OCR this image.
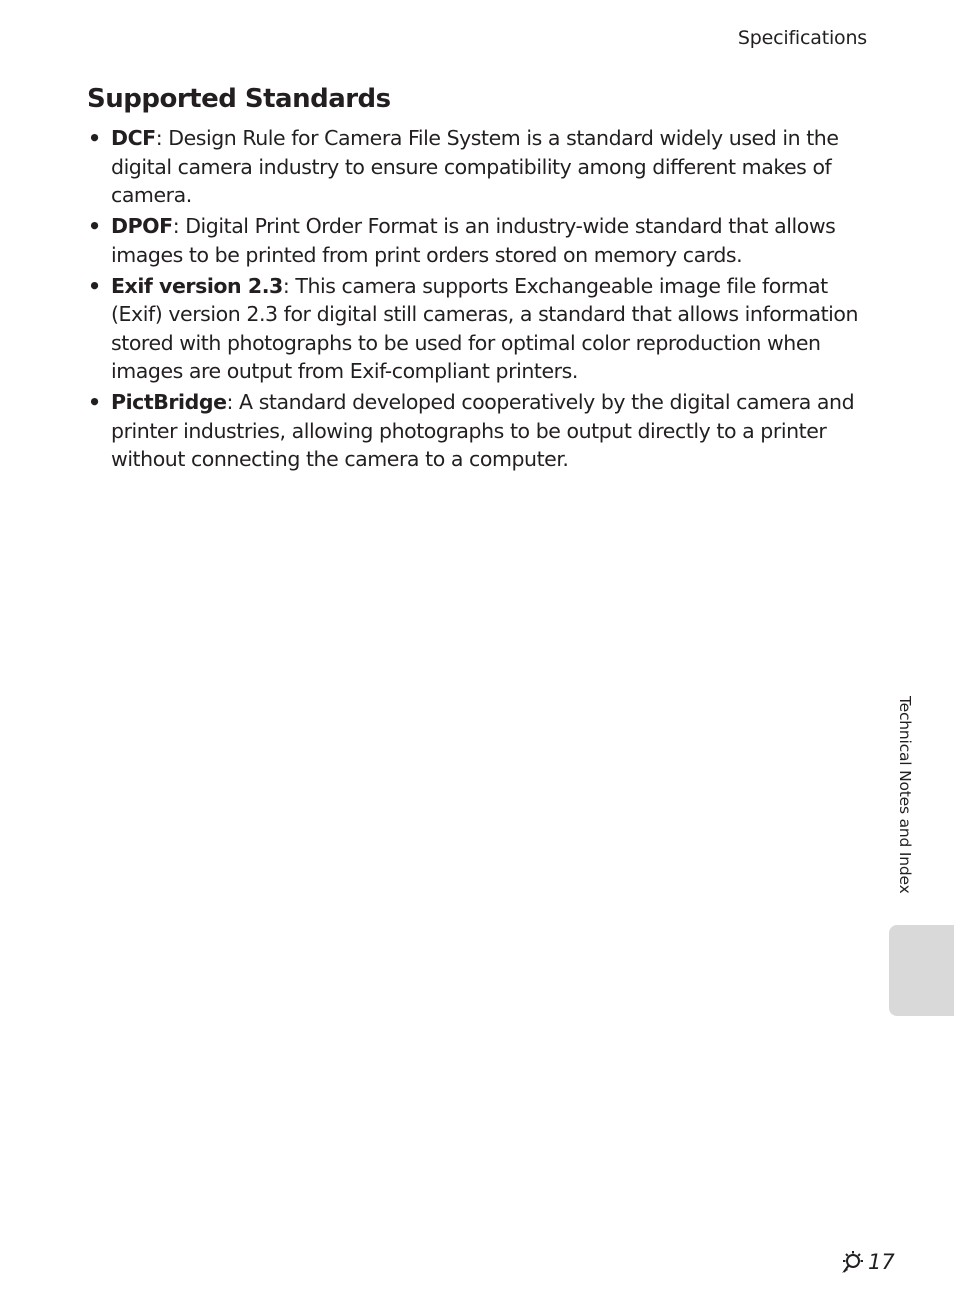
Specifications
Supported Standards
• DCF: Design Rule for Camera File System is a standard widely used in the digital camera industry to ensure compatibility among different makes of camera.
• DPOF: Digital Print Order Format is an industry-wide standard that allows images to be printed from print orders stored on memory cards.
• Exif version 2.3: This camera supports Exchangeable image file format (Exif) version 2.3 for digital still cameras, a standard that allows information stored with photographs to be used for optimal color reproduction when images are output from Exif-compliant printers.
• PictBridge: A standard developed cooperatively by the digital camera and printer industries, allowing photographs to be output directly to a printer without connecting the camera to a computer.
Technical Notes and Index
17
